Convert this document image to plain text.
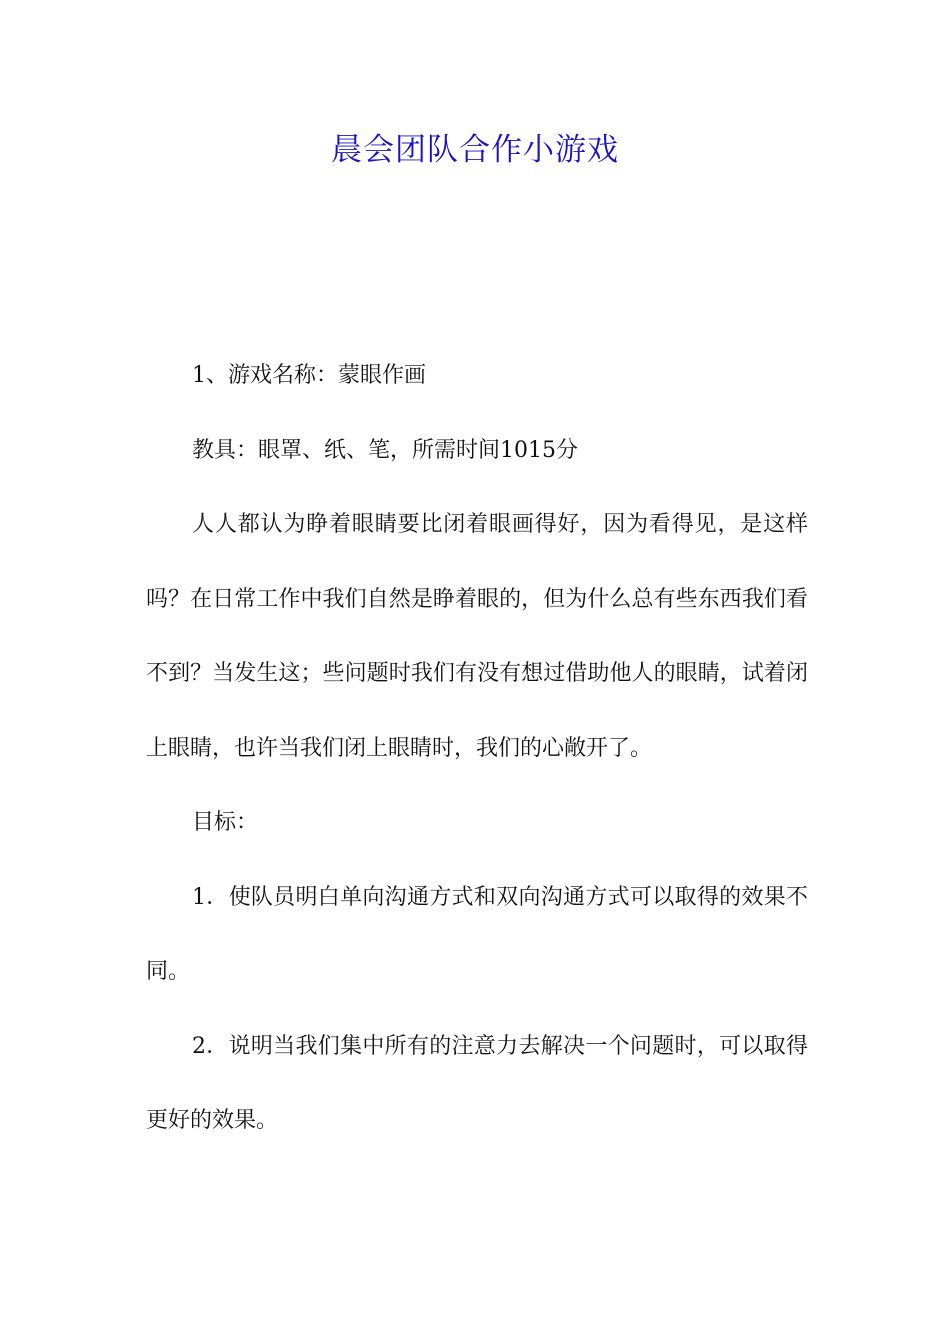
晨会团队合作小游戏

1、游戏名称：蒙眼作画

教具：眼罩、纸、笔，所需时间1015分

人人都认为睁着眼睛要比闭着眼画得好，因为看得见，是这样吗？在日常工作中我们自然是睁着眼的，但为什么总有些东西我们看不到？当发生这；些问题时我们有没有想过借助他人的眼睛，试着闭上眼睛，也许当我们闭上眼睛时，我们的心敞开了。

目标：

1．使队员明白单向沟通方式和双向沟通方式可以取得的效果不同。

2．说明当我们集中所有的注意力去解决一个问题时，可以取得更好的效果。
